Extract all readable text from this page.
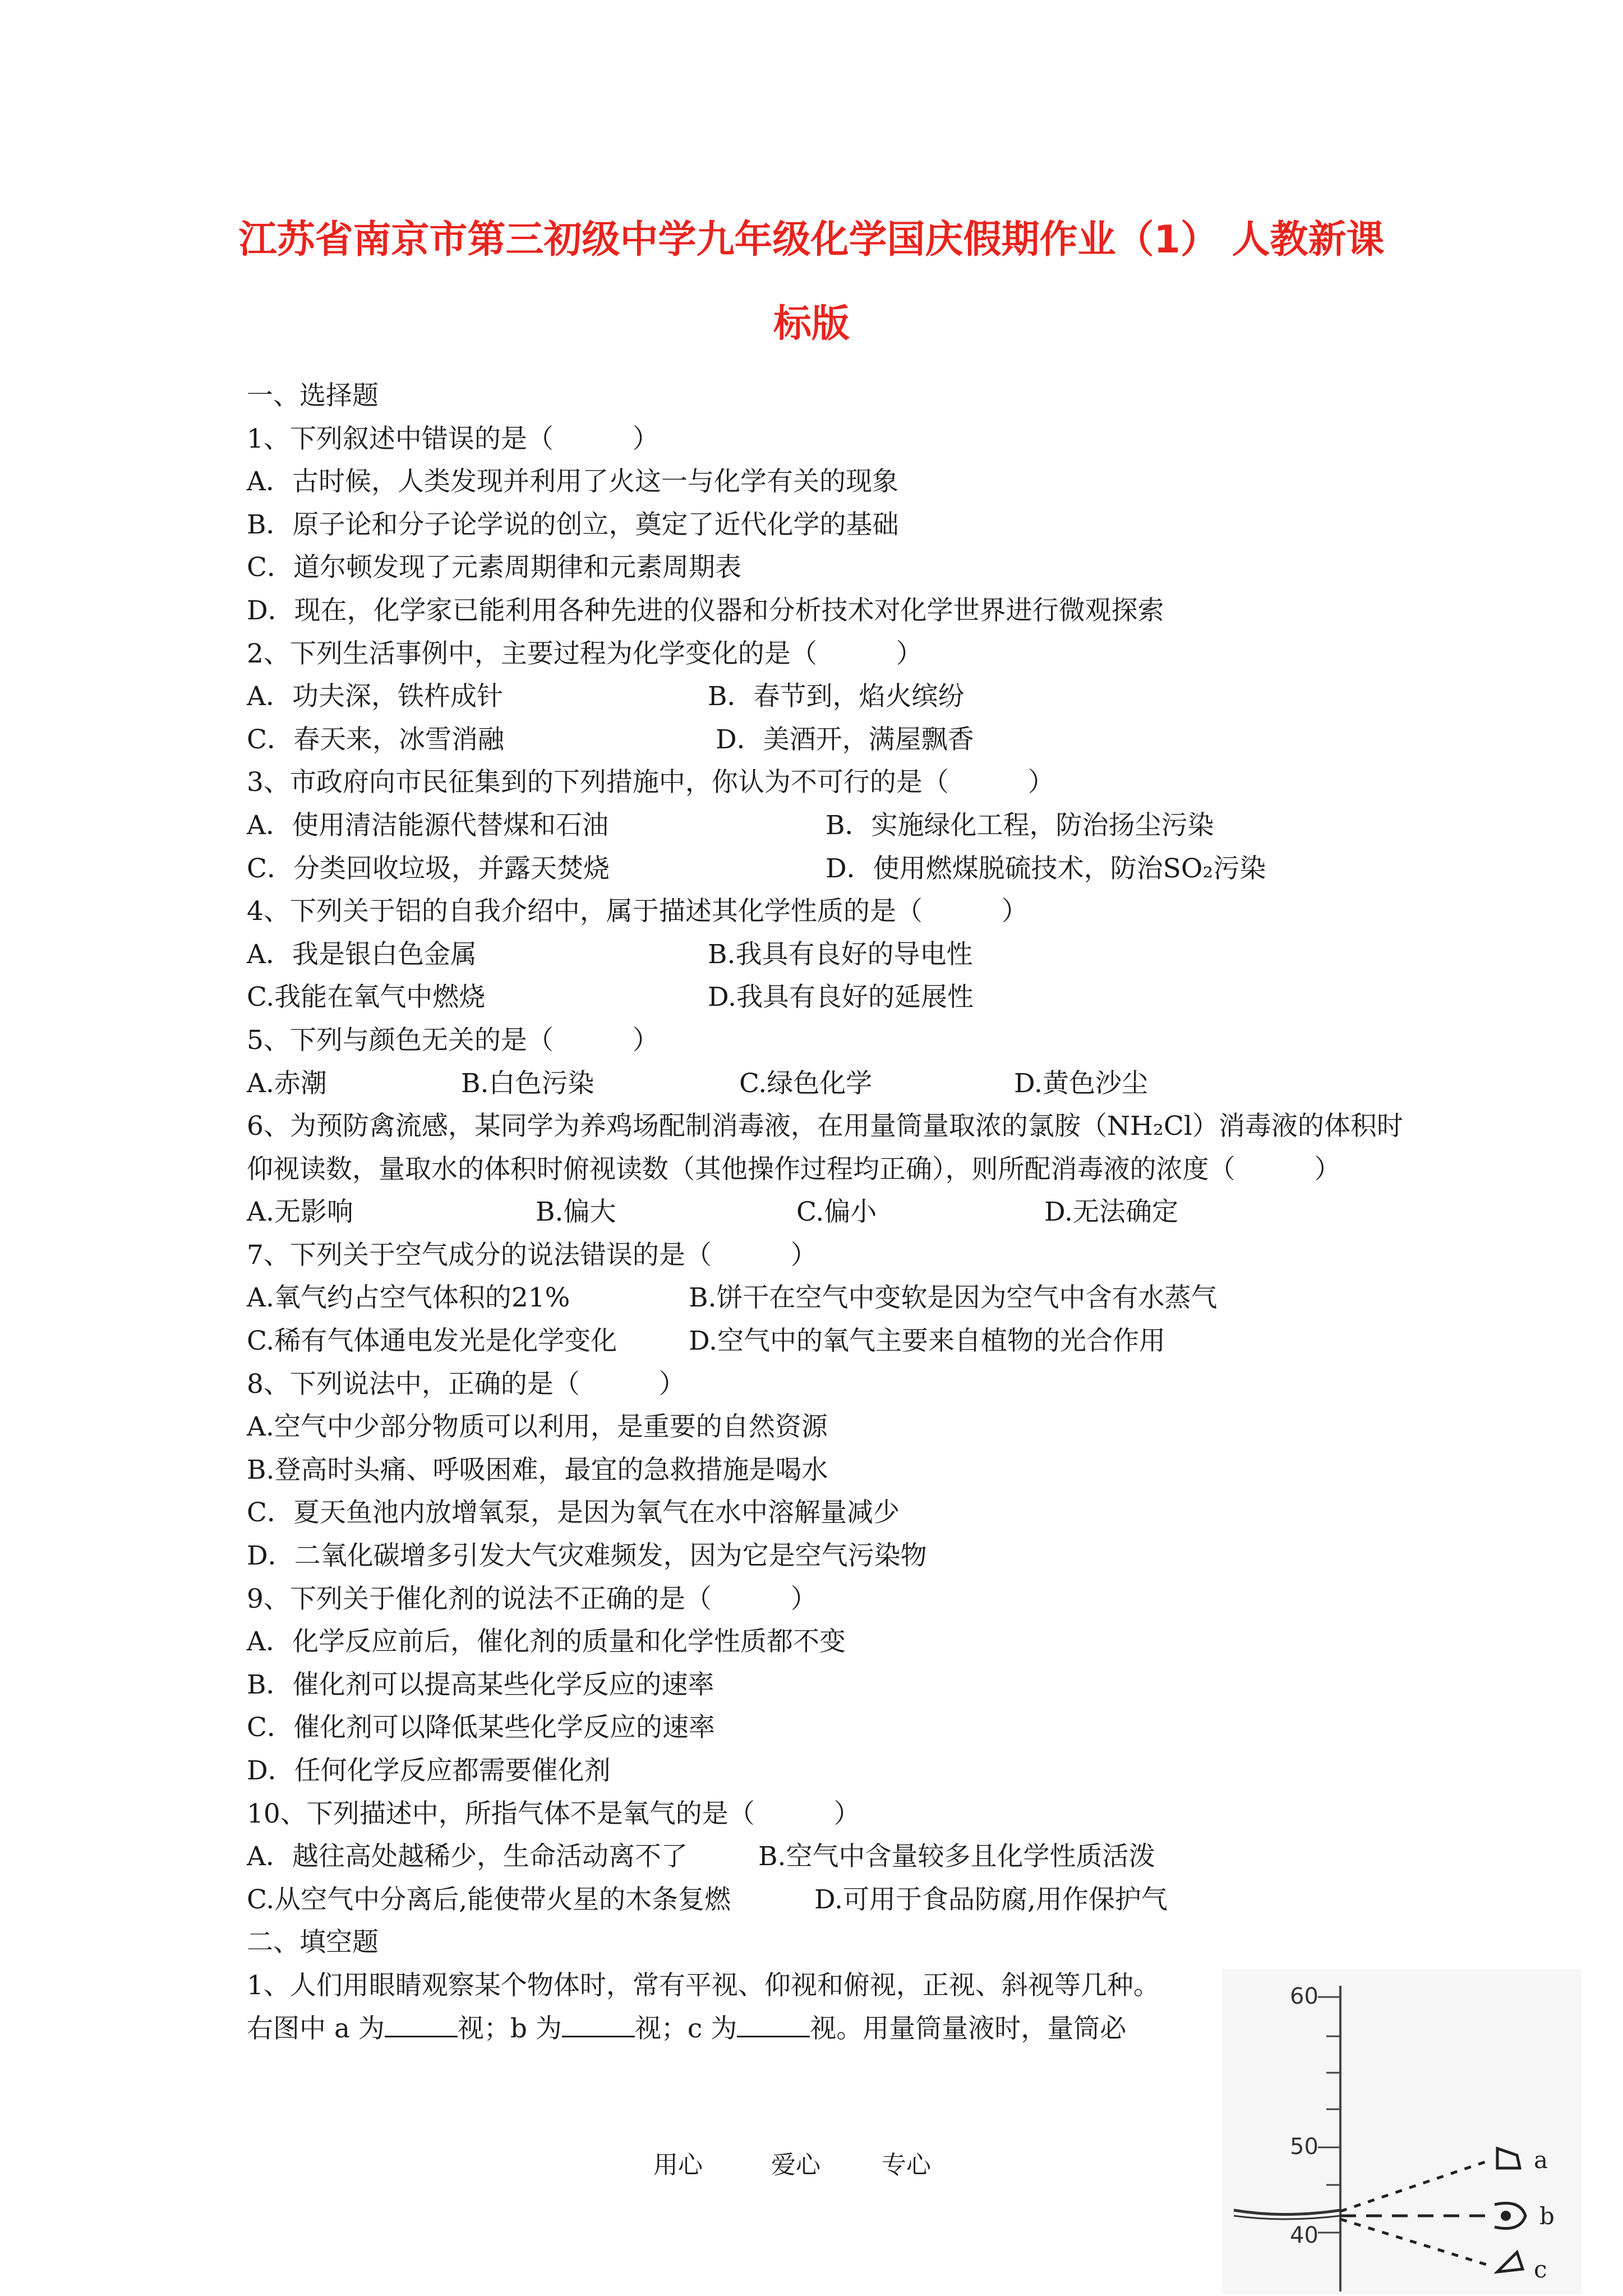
江苏省南京市第三初级中学九年级化学国庆假期作业（1） 人教新课
标版
一、选择题
1、下列叙述中错误的是（　　　）
A．古时候，人类发现并利用了火这一与化学有关的现象
B．原子论和分子论学说的创立，奠定了近代化学的基础
C．道尔顿发现了元素周期律和元素周期表
D．现在，化学家已能利用各种先进的仪器和分析技术对化学世界进行微观探索
2、下列生活事例中，主要过程为化学变化的是（　　　）
A．功夫深，铁杵成针	B．春节到，焰火缤纷
C．春天来，冰雪消融	D．美酒开，满屋飘香
3、市政府向市民征集到的下列措施中，你认为不可行的是（　　　）
A．使用清洁能源代替煤和石油	B．实施绿化工程，防治扬尘污染
C．分类回收垃圾，并露天焚烧	D．使用燃煤脱硫技术，防治SO₂污染
4、下列关于铝的自我介绍中，属于描述其化学性质的是（　　　）
A．我是银白色金属	B.我具有良好的导电性
C.我能在氧气中燃烧	D.我具有良好的延展性
5、下列与颜色无关的是（　　　）
A.赤潮	B.白色污染	C.绿色化学	D.黄色沙尘
6、为预防禽流感，某同学为养鸡场配制消毒液，在用量筒量取浓的氯胺（NH₂Cl）消毒液的体积时仰视读数，量取水的体积时俯视读数（其他操作过程均正确），则所配消毒液的浓度（　　　）
A.无影响	B.偏大	C.偏小	D.无法确定
7、下列关于空气成分的说法错误的是（　　　）
A.氧气约占空气体积的21%	B.饼干在空气中变软是因为空气中含有水蒸气
C.稀有气体通电发光是化学变化	D.空气中的氧气主要来自植物的光合作用
8、下列说法中，正确的是（　　　）
A.空气中少部分物质可以利用，是重要的自然资源
B.登高时头痛、呼吸困难，最宜的急救措施是喝水
C．夏天鱼池内放增氧泵，是因为氧气在水中溶解量减少
D．二氧化碳增多引发大气灾难频发，因为它是空气污染物
9、下列关于催化剂的说法不正确的是（　　　）
A．化学反应前后，催化剂的质量和化学性质都不变
B．催化剂可以提高某些化学反应的速率
C．催化剂可以降低某些化学反应的速率
D．任何化学反应都需要催化剂
10、下列描述中，所指气体不是氧气的是（　　　）
A．越往高处越稀少，生命活动离不了	B.空气中含量较多且化学性质活泼
C.从空气中分离后,能使带火星的木条复燃	D.可用于食品防腐,用作保护气
二、填空题
1、人们用眼睛观察某个物体时，常有平视、仰视和俯视，正视、斜视等几种。
右图中 a 为	视；b 为	视；c 为	视。用量筒量液时，量筒必
60
50
40
a
b
c
用心	爱心 专心
